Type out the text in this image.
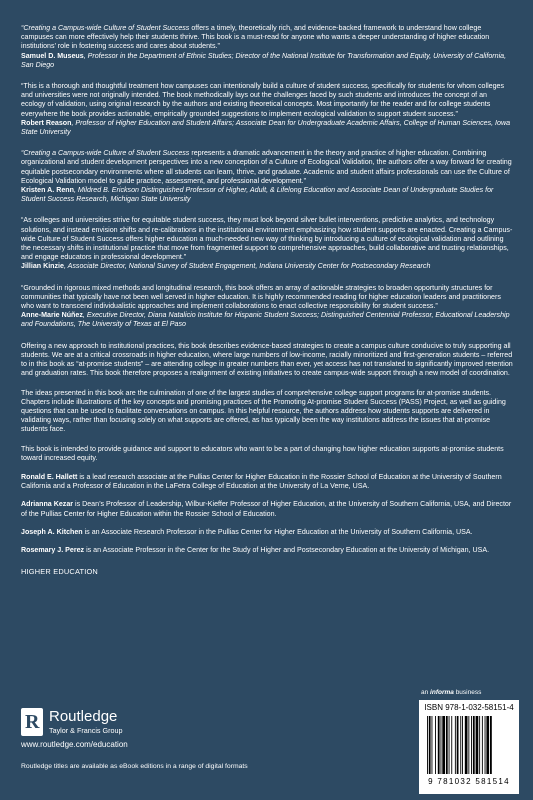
“Creating a Campus-wide Culture of Student Success offers a timely, theoretically rich, and evidence-backed framework to understand how college campuses can more effectively help their students thrive. This book is a must-read for anyone who wants a deeper understanding of higher education institutions’ role in fostering success and cares about students.”
Samuel D. Museus, Professor in the Department of Ethnic Studies; Director of the National Institute for Transformation and Equity, University of California, San Diego
“This is a thorough and thoughtful treatment how campuses can intentionally build a culture of student success, specifically for students for whom colleges and universities were not originally intended. The book methodically lays out the challenges faced by such students and introduces the concept of an ecology of validation, using original research by the authors and existing theoretical concepts. Most importantly for the reader and for college students everywhere the book provides actionable, empirically grounded suggestions to implement ecological validation to support student success.”
Robert Reason, Professor of Higher Education and Student Affairs; Associate Dean for Undergraduate Academic Affairs, College of Human Sciences, Iowa State University
“Creating a Campus-wide Culture of Student Success represents a dramatic advancement in the theory and practice of higher education. Combining organizational and student development perspectives into a new conception of a Culture of Ecological Validation, the authors offer a way forward for creating equitable postsecondary environments where all students can learn, thrive, and graduate. Academic and student affairs professionals can use the Culture of Ecological Validation model to guide practice, assessment, and professional development.”
Kristen A. Renn, Mildred B. Erickson Distinguished Professor of Higher, Adult, & Lifelong Education and Associate Dean of Undergraduate Studies for Student Success Research, Michigan State University
“As colleges and universities strive for equitable student success, they must look beyond silver bullet interventions, predictive analytics, and technology solutions, and instead envision shifts and re-calibrations in the institutional environment emphasizing how student supports are enacted. Creating a Campus-wide Culture of Student Success offers higher education a much-needed new way of thinking by introducing a culture of ecological validation and outlining the necessary shifts in institutional practice that move from fragmented support to comprehensive approaches, build collaborative and trusting relationships, and engage educators in professional development.”
Jillian Kinzie, Associate Director, National Survey of Student Engagement, Indiana University Center for Postsecondary Research
“Grounded in rigorous mixed methods and longitudinal research, this book offers an array of actionable strategies to broaden opportunity structures for communities that typically have not been well served in higher education. It is highly recommended reading for higher education leaders and practitioners who want to transcend individualistic approaches and implement collaborations to enact collective responsibility for student success.”
Anne-Marie Núñez, Executive Director, Diana Natalicio Institute for Hispanic Student Success; Distinguished Centennial Professor, Educational Leadership and Foundations, The University of Texas at El Paso
Offering a new approach to institutional practices, this book describes evidence-based strategies to create a campus culture conducive to truly supporting all students. We are at a critical crossroads in higher education, where large numbers of low-income, racially minoritized and first-generation students – referred to in this book as “at-promise students” – are attending college in greater numbers than ever, yet access has not translated to significantly improved retention and graduation rates. This book therefore proposes a realignment of existing initiatives to create campus-wide support through a new model of coordination.
The ideas presented in this book are the culmination of one of the largest studies of comprehensive college support programs for at-promise students. Chapters include illustrations of the key concepts and promising practices of the Promoting At-promise Student Success (PASS) Project, as well as guiding questions that can be used to facilitate conversations on campus. In this helpful resource, the authors address how students supports are delivered in validating ways, rather than focusing solely on what supports are offered, as has typically been the way institutions address the issues that at-promise students face.
This book is intended to provide guidance and support to educators who want to be a part of changing how higher education supports at-promise students toward increased equity.
Ronald E. Hallett is a lead research associate at the Pullias Center for Higher Education in the Rossier School of Education at the University of Southern California and a Professor of Education in the LaFetra College of Education at the University of La Verne, USA.
Adrianna Kezar is Dean’s Professor of Leadership, Wilbur-Kieffer Professor of Higher Education, at the University of Southern California, USA, and Director of the Pullias Center for Higher Education within the Rossier School of Education.
Joseph A. Kitchen is an Associate Research Professor in the Pullias Center for Higher Education at the University of Southern California, USA.
Rosemary J. Perez is an Associate Professor in the Center for the Study of Higher and Postsecondary Education at the University of Michigan, USA.
HIGHER EDUCATION
R Routledge
Taylor & Francis Group
www.routledge.com/education
Routledge titles are available as eBook editions in a range of digital formats
an informa business
ISBN 978-1-032-58151-4
9 781032 581514
